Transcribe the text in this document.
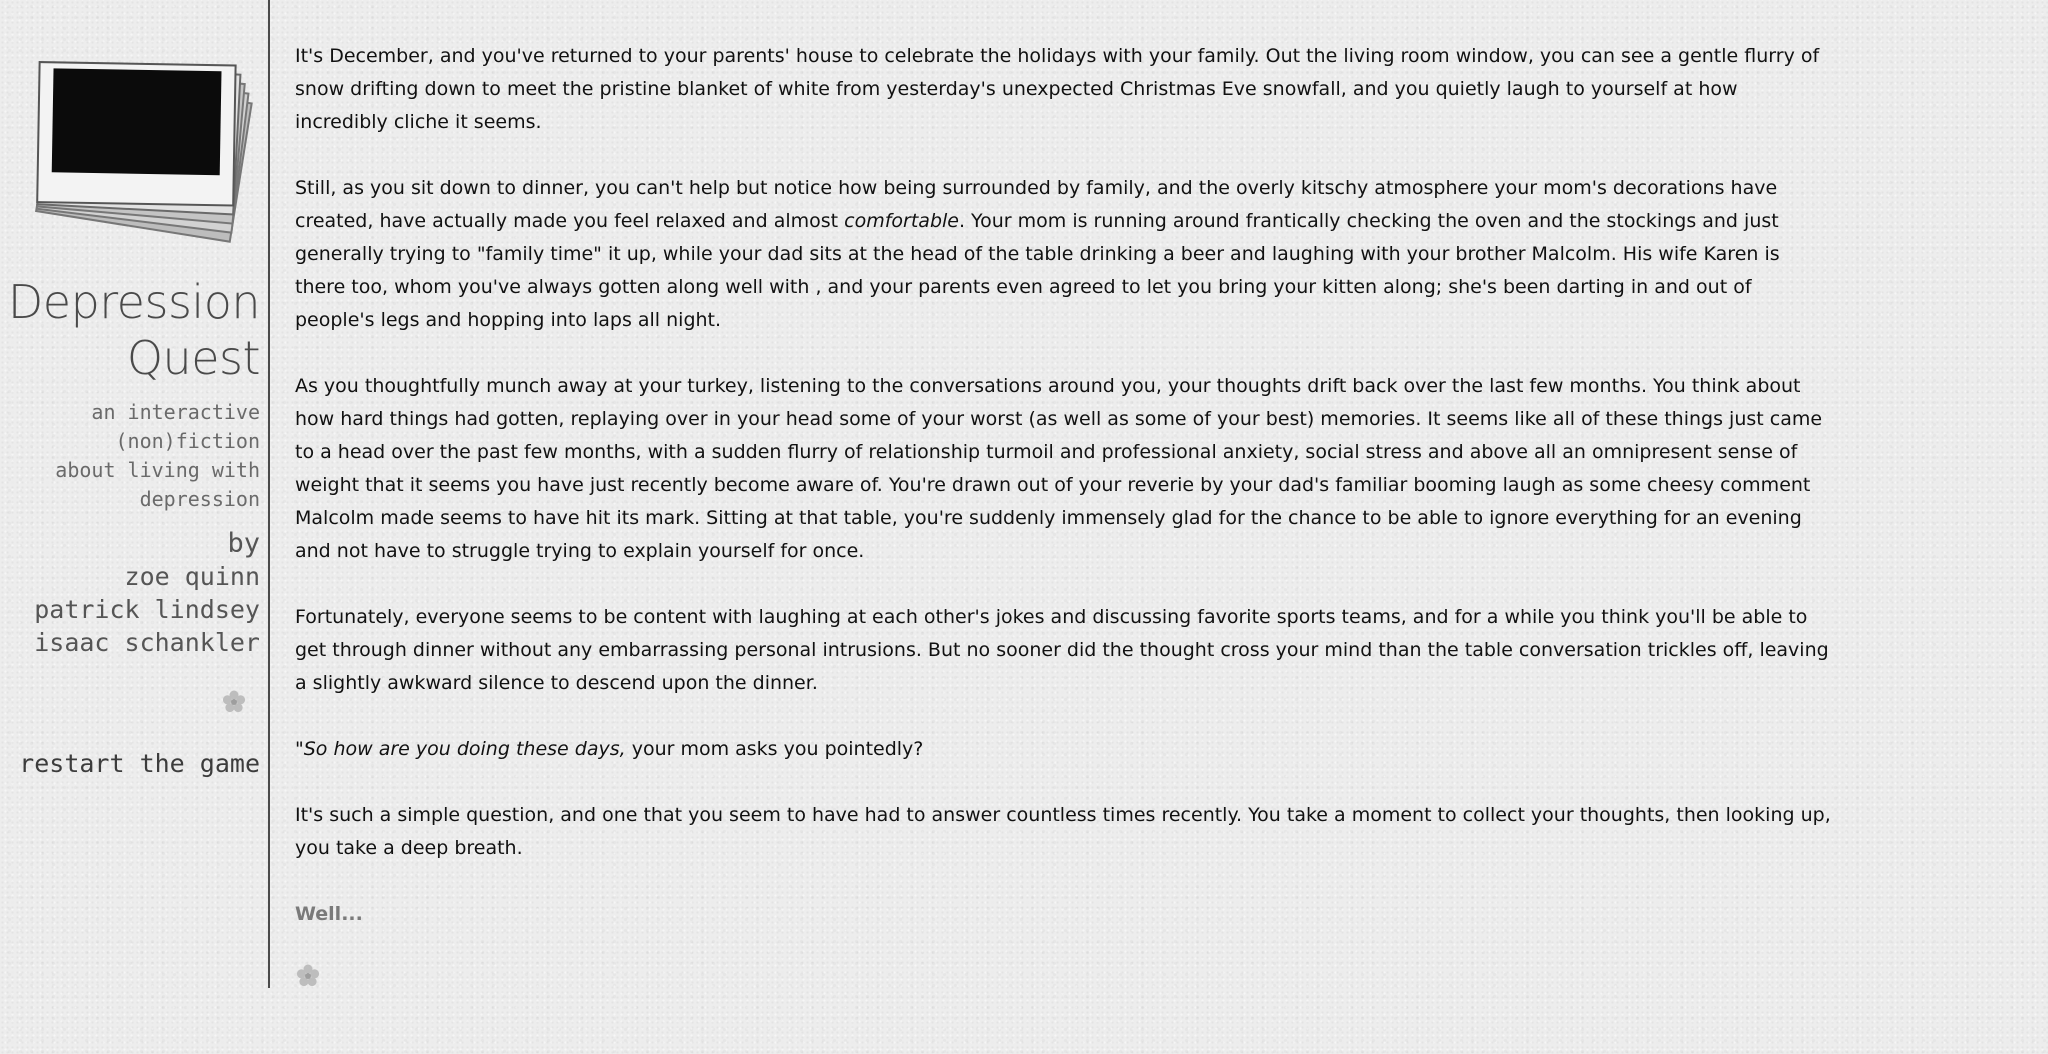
Depression
Quest
an interactive
(non)fiction
about living with
depression
by
zoe quinn
patrick lindsey
isaac schankler
restart the game

It's December, and you've returned to your parents' house to celebrate the holidays with your family. Out the living room window, you can see a gentle flurry of snow drifting down to meet the pristine blanket of white from yesterday's unexpected Christmas Eve snowfall, and you quietly laugh to yourself at how incredibly cliche it seems.

Still, as you sit down to dinner, you can't help but notice how being surrounded by family, and the overly kitschy atmosphere your mom's decorations have created, have actually made you feel relaxed and almost comfortable. Your mom is running around frantically checking the oven and the stockings and just generally trying to "family time" it up, while your dad sits at the head of the table drinking a beer and laughing with your brother Malcolm. His wife Karen is there too, whom you've always gotten along well with , and your parents even agreed to let you bring your kitten along; she's been darting in and out of people's legs and hopping into laps all night.

As you thoughtfully munch away at your turkey, listening to the conversations around you, your thoughts drift back over the last few months. You think about how hard things had gotten, replaying over in your head some of your worst (as well as some of your best) memories. It seems like all of these things just came to a head over the past few months, with a sudden flurry of relationship turmoil and professional anxiety, social stress and above all an omnipresent sense of weight that it seems you have just recently become aware of. You're drawn out of your reverie by your dad's familiar booming laugh as some cheesy comment Malcolm made seems to have hit its mark. Sitting at that table, you're suddenly immensely glad for the chance to be able to ignore everything for an evening and not have to struggle trying to explain yourself for once.

Fortunately, everyone seems to be content with laughing at each other's jokes and discussing favorite sports teams, and for a while you think you'll be able to get through dinner without any embarrassing personal intrusions. But no sooner did the thought cross your mind than the table conversation trickles off, leaving a slightly awkward silence to descend upon the dinner.

"So how are you doing these days, your mom asks you pointedly?

It's such a simple question, and one that you seem to have had to answer countless times recently. You take a moment to collect your thoughts, then looking up, you take a deep breath.

Well...
